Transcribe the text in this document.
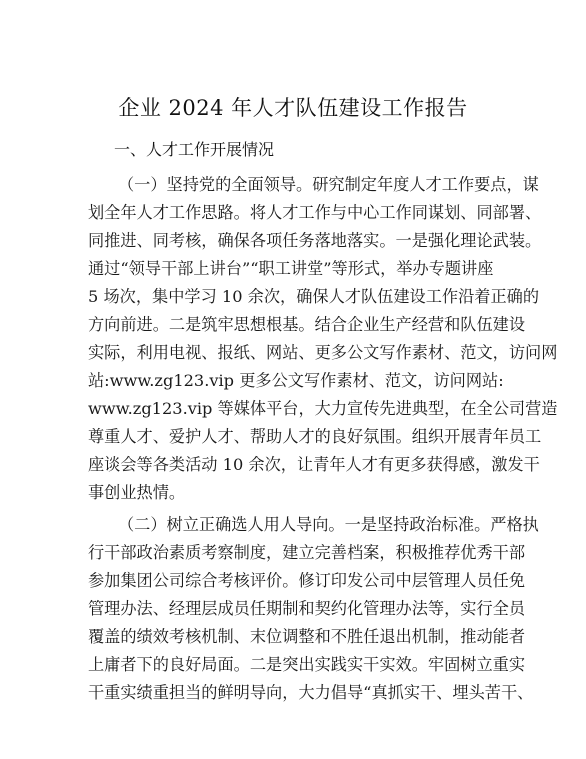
企业 2024 年人才队伍建设工作报告
一、人才工作开展情况
（一）坚持党的全面领导。研究制定年度人才工作要点，谋
划全年人才工作思路。将人才工作与中心工作同谋划、同部署、
同推进、同考核，确保各项任务落地落实。一是强化理论武装。
通过“领导干部上讲台”“职工讲堂”等形式，举办专题讲座
5 场次，集中学习 10 余次，确保人才队伍建设工作沿着正确的
方向前进。二是筑牢思想根基。结合企业生产经营和队伍建设
实际，利用电视、报纸、网站、更多公文写作素材、范文，访问网
站:www.zg123.vip 更多公文写作素材、范文，访问网站:
www.zg123.vip 等媒体平台，大力宣传先进典型，在全公司营造
尊重人才、爱护人才、帮助人才的良好氛围。组织开展青年员工
座谈会等各类活动 10 余次，让青年人才有更多获得感，激发干
事创业热情。
（二）树立正确选人用人导向。一是坚持政治标准。严格执
行干部政治素质考察制度，建立完善档案，积极推荐优秀干部
参加集团公司综合考核评价。修订印发公司中层管理人员任免
管理办法、经理层成员任期制和契约化管理办法等，实行全员
覆盖的绩效考核机制、末位调整和不胜任退出机制，推动能者
上庸者下的良好局面。二是突出实践实干实效。牢固树立重实
干重实绩重担当的鲜明导向，大力倡导“真抓实干、埋头苦干、
